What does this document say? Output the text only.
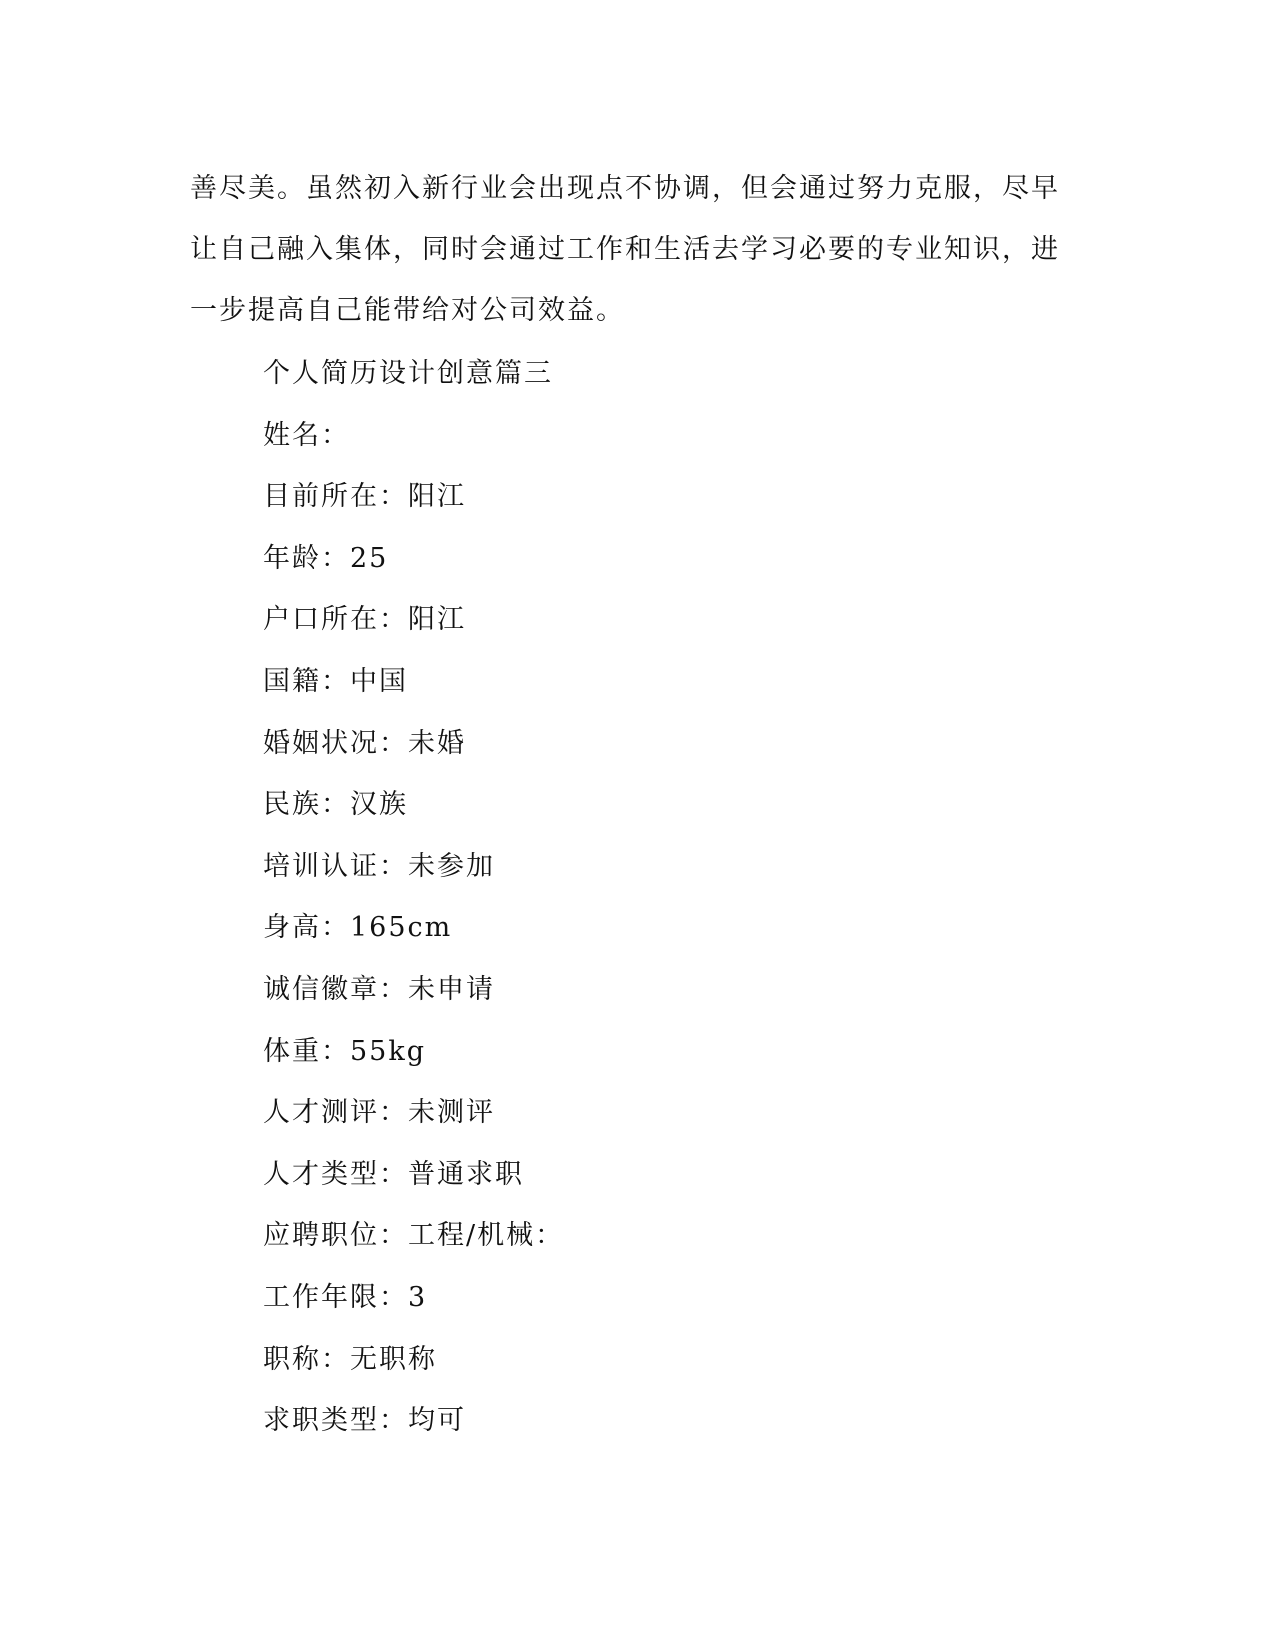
善尽美。虽然初入新行业会出现点不协调，但会通过努力克服，尽早
让自己融入集体，同时会通过工作和生活去学习必要的专业知识，进
一步提高自己能带给对公司效益。
个人简历设计创意篇三
姓名：
目前所在：阳江
年龄：25
户口所在：阳江
国籍：中国
婚姻状况：未婚
民族：汉族
培训认证：未参加
身高：165cm
诚信徽章：未申请
体重：55kg
人才测评：未测评
人才类型：普通求职
应聘职位：工程/机械：
工作年限：3
职称：无职称
求职类型：均可
